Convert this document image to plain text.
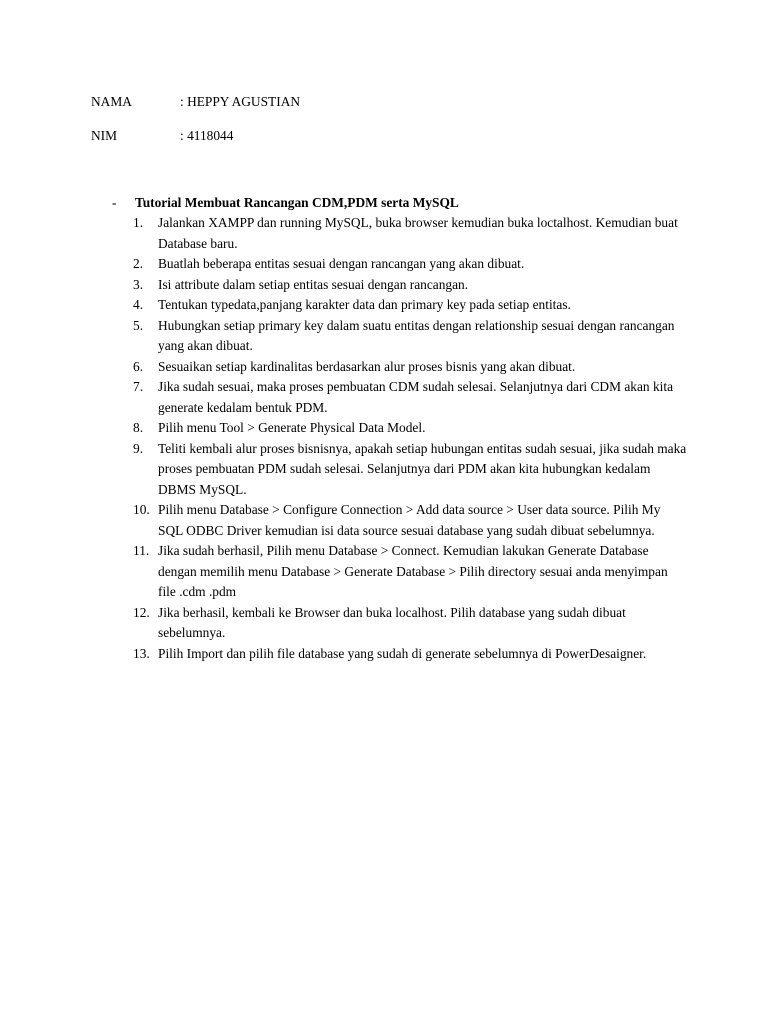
NAMA	: HEPPY AGUSTIAN
NIM	: 4118044
- Tutorial Membuat Rancangan CDM,PDM serta MySQL
1.	Jalankan XAMPP dan running MySQL, buka browser kemudian buka loctalhost. Kemudian buat Database baru.
2.	Buatlah beberapa entitas sesuai dengan rancangan yang akan dibuat.
3.	Isi attribute dalam setiap entitas sesuai dengan rancangan.
4.	Tentukan typedata,panjang karakter data dan primary key pada setiap entitas.
5.	Hubungkan setiap primary key dalam suatu entitas dengan relationship sesuai dengan rancangan yang akan dibuat.
6.	Sesuaikan setiap kardinalitas berdasarkan alur proses bisnis yang akan dibuat.
7.	Jika sudah sesuai, maka proses pembuatan CDM sudah selesai. Selanjutnya dari CDM akan kita generate kedalam bentuk PDM.
8.	Pilih menu Tool > Generate Physical Data Model.
9.	Teliti kembali alur proses bisnisnya, apakah setiap hubungan entitas sudah sesuai, jika sudah maka proses pembuatan PDM sudah selesai. Selanjutnya dari PDM akan kita hubungkan kedalam DBMS MySQL.
10. Pilih menu Database > Configure Connection > Add data source > User data source. Pilih My SQL ODBC Driver kemudian isi data source sesuai database yang sudah dibuat sebelumnya.
11. Jika sudah berhasil, Pilih menu Database > Connect. Kemudian lakukan Generate Database dengan memilih menu Database > Generate Database > Pilih directory sesuai anda menyimpan file .cdm .pdm
12. Jika berhasil, kembali ke Browser dan buka localhost. Pilih database yang sudah dibuat sebelumnya.
13. Pilih Import dan pilih file database yang sudah di generate sebelumnya di PowerDesaigner.
